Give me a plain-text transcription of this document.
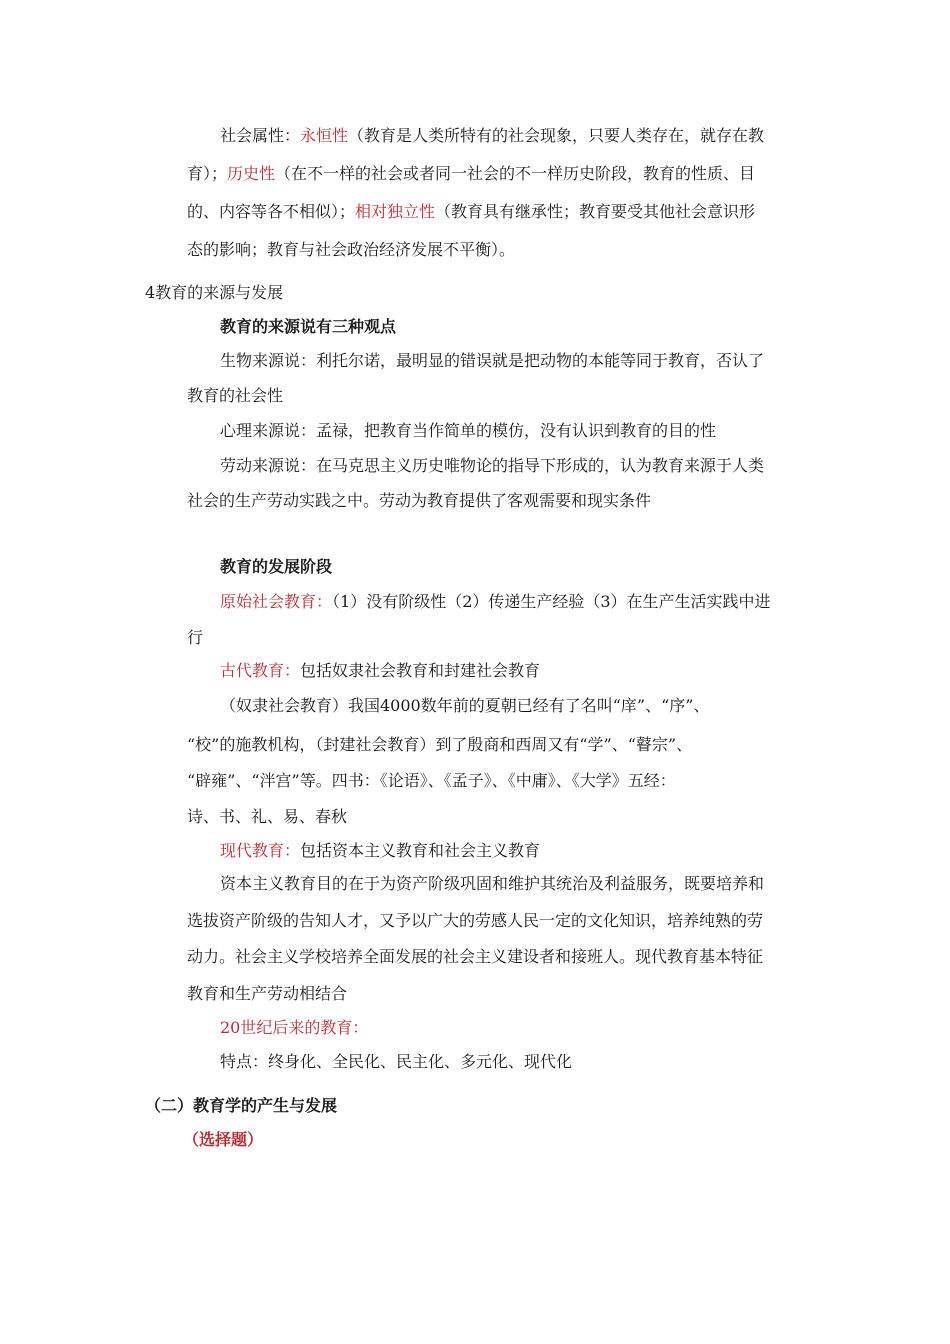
社会属性：永恒性（教育是人类所特有的社会现象，只要人类存在，就存在教
育）；历史性（在不一样的社会或者同一社会的不一样历史阶段，教育的性质、目
的、内容等各不相似）；相对独立性（教育具有继承性；教育要受其他社会意识形
态的影响；教育与社会政治经济发展不平衡）。
4教育的来源与发展
教育的来源说有三种观点
生物来源说：利托尔诺，最明显的错误就是把动物的本能等同于教育，否认了
教育的社会性
心理来源说：孟禄，把教育当作简单的模仿，没有认识到教育的目的性
劳动来源说：在马克思主义历史唯物论的指导下形成的，认为教育来源于人类
社会的生产劳动实践之中。劳动为教育提供了客观需要和现实条件
教育的发展阶段
原始社会教育：（1）没有阶级性（2）传递生产经验（3）在生产生活实践中进
行
古代教育：包括奴隶社会教育和封建社会教育
（奴隶社会教育）我国4000数年前的夏朝已经有了名叫“庠”、“序”、
“校”的施教机构，（封建社会教育）到了殷商和西周又有“学”、“瞽宗”、
“辟雍”、“泮宫”等。四书：《论语》、《孟子》、《中庸》、《大学》五经：
诗、书、礼、易、春秋
现代教育：包括资本主义教育和社会主义教育
资本主义教育目的在于为资产阶级巩固和维护其统治及利益服务，既要培养和
选拔资产阶级的告知人才，又予以广大的劳感人民一定的文化知识，培养纯熟的劳
动力。社会主义学校培养全面发展的社会主义建设者和接班人。现代教育基本特征
教育和生产劳动相结合
20世纪后来的教育：
特点：终身化、全民化、民主化、多元化、现代化
（二）教育学的产生与发展
（选择题）
